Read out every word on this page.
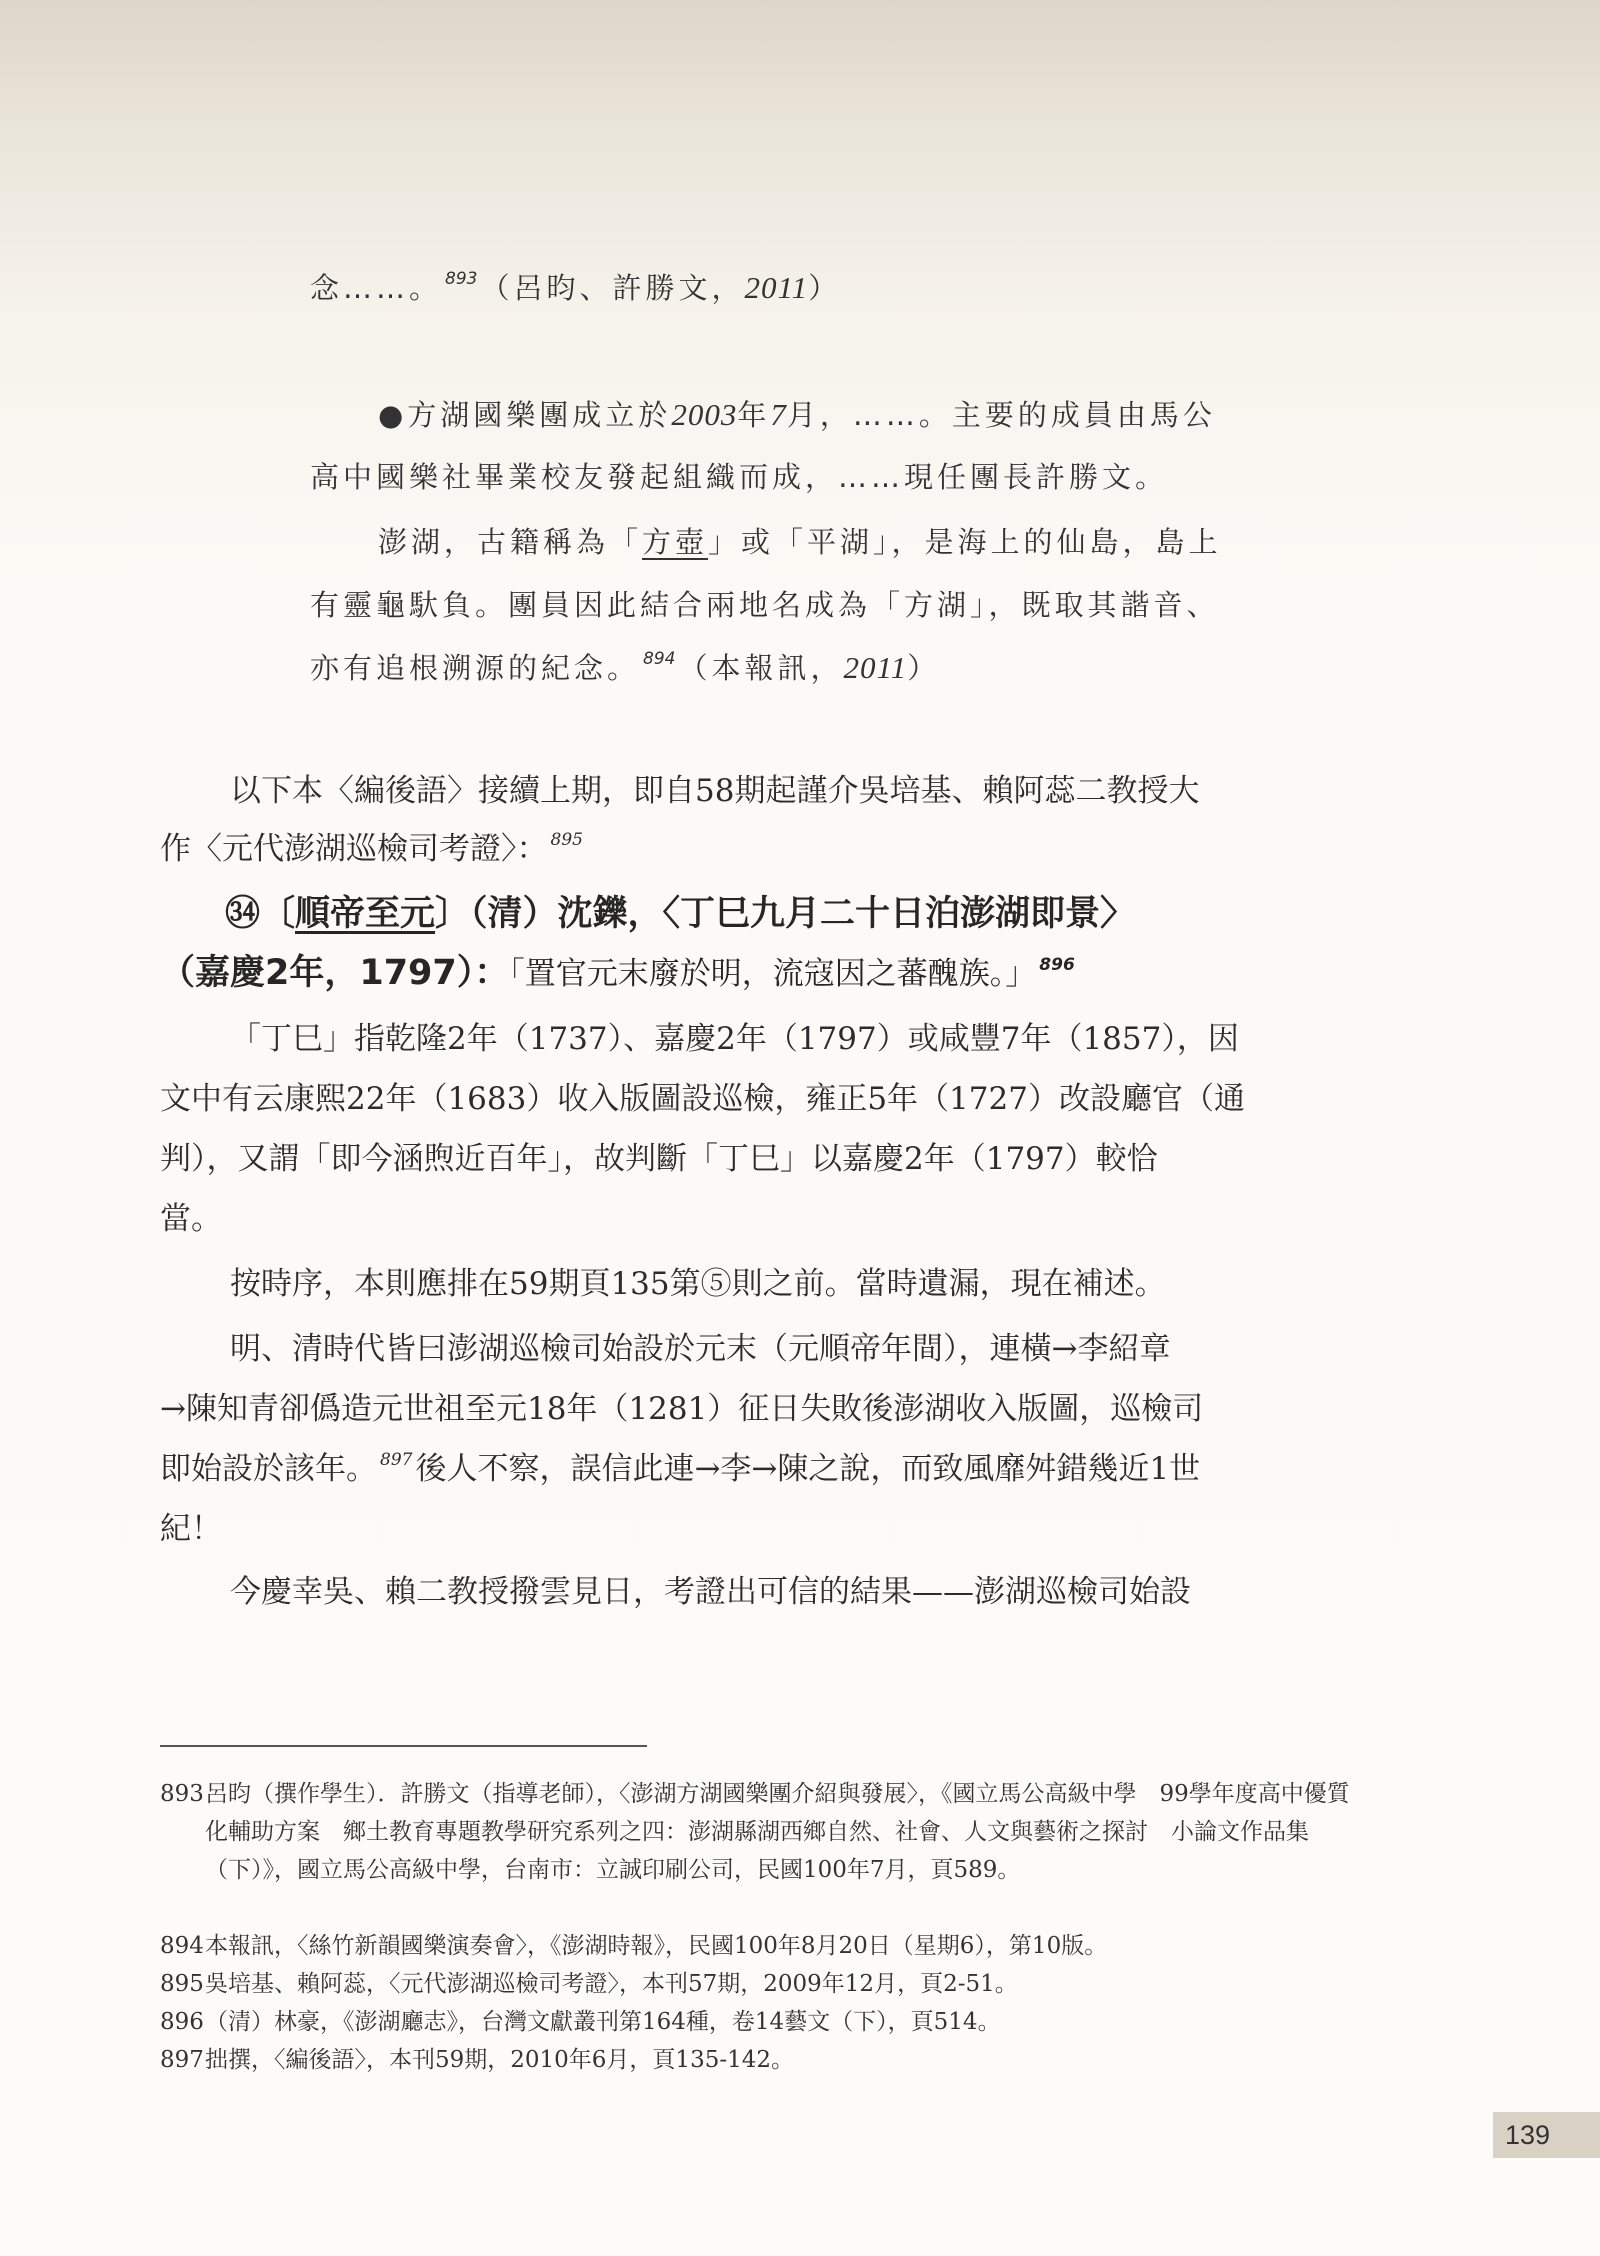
念……。 $^{893}$ （呂昀、許勝文，2011）
●方湖國樂團成立於2003年7月，……。主要的成員由馬公
高中國樂社畢業校友發起組織而成，……現任團長許勝文。
澎湖，古籍稱為「方壺」或「平湖」，是海上的仙島，島上
有靈龜馱負。團員因此結合兩地名成為「方湖」，既取其諧音、
亦有追根溯源的紀念。 $^{894}$ （本報訊，2011）
以下本〈編後語〉接續上期，即自58期起謹介吳培基、賴阿蕊二教授大
作〈元代澎湖巡檢司考證〉： $^{895}$
㉞〔順帝至元〕（清）沈鑠，〈丁巳九月二十日泊澎湖即景〉
（嘉慶2年，1797）：「置官元末廢於明，流寇因之蕃醜族。」 $^{896}$
「丁巳」指乾隆2年（1737）、嘉慶2年（1797）或咸豐7年（1857），因
文中有云康熙22年（1683）收入版圖設巡檢，雍正5年（1727）改設廳官（通
判），又謂「即今涵煦近百年」，故判斷「丁巳」以嘉慶2年（1797）較恰
當。
按時序，本則應排在59期頁135第⑤則之前。當時遺漏，現在補述。
明、清時代皆曰澎湖巡檢司始設於元末（元順帝年間），連橫→李紹章
→陳知青卻僞造元世祖至元18年（1281）征日失敗後澎湖收入版圖，巡檢司
即始設於該年。 $^{897}$後人不察，誤信此連→李→陳之說，而致風靡舛錯幾近1世
紀！
今慶幸吳、賴二教授撥雲見日，考證出可信的結果——澎湖巡檢司始設
893 呂昀（撰作學生）．許勝文（指導老師），〈澎湖方湖國樂團介紹與發展〉，《國立馬公高級中學　99學年度高中優質化輔助方案　鄉土教育專題教學研究系列之四：澎湖縣湖西鄉自然、社會、人文與藝術之探討　小論文作品集（下）》，國立馬公高級中學，台南市：立誠印刷公司，民國100年7月，頁589。
894 本報訊，〈絲竹新韻國樂演奏會〉，《澎湖時報》，民國100年8月20日（星期6），第10版。
895 吳培基、賴阿蕊，〈元代澎湖巡檢司考證〉，本刊57期，2009年12月，頁2-51。
896 （清）林豪，《澎湖廳志》，台灣文獻叢刊第164種，卷14藝文（下），頁514。
897 拙撰，〈編後語〉，本刊59期，2010年6月，頁135-142。
139
